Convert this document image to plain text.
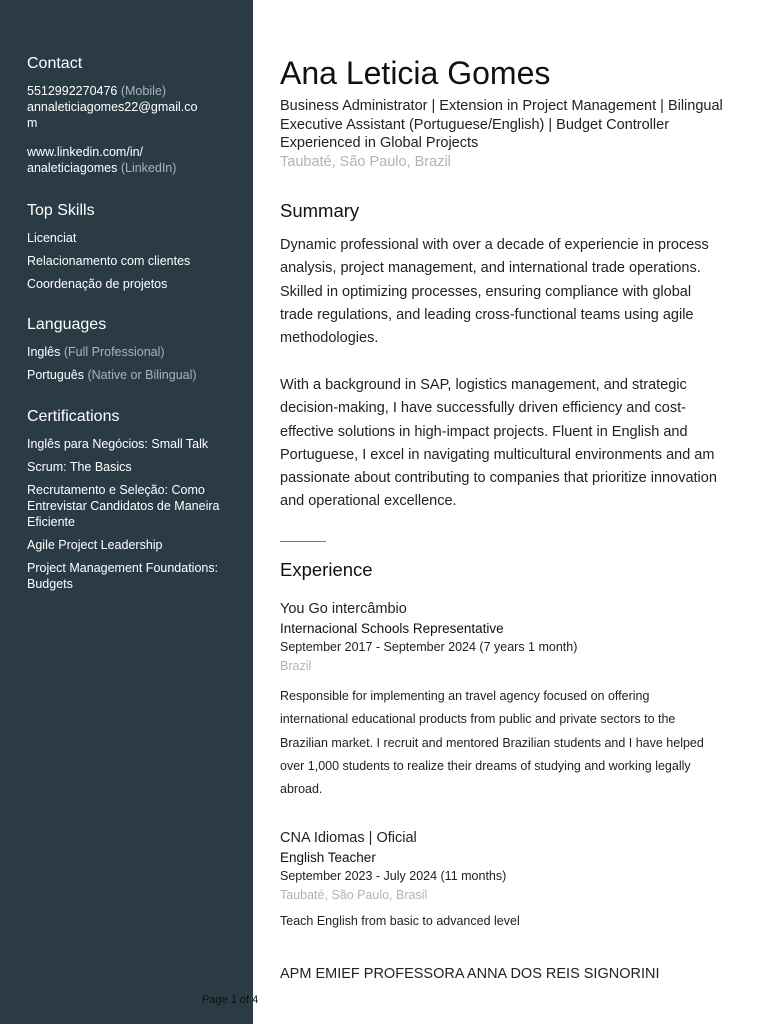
Contact
5512992270476 (Mobile)
annaleticiagomes22@gmail.co
m
www.linkedin.com/in/
analeticiagomes (LinkedIn)
Top Skills
Licenciat
Relacionamento com clientes
Coordenação de projetos
Languages
Inglês (Full Professional)
Português (Native or Bilingual)
Certifications
Inglês para Negócios: Small Talk
Scrum: The Basics
Recrutamento e Seleção: Como
Entrevistar Candidatos de Maneira
Eficiente
Agile Project Leadership
Project Management Foundations:
Budgets
Ana Leticia Gomes
Business Administrator | Extension in Project Management | Bilingual
Executive Assistant (Portuguese/English) | Budget Controller
Experienced in Global Projects
Taubaté, São Paulo, Brazil
Summary
Dynamic professional with over a decade of experiencie in process
analysis, project management, and international trade operations.
Skilled in optimizing processes, ensuring compliance with global
trade regulations, and leading cross-functional teams using agile
methodologies.
With a background in SAP, logistics management, and strategic
decision-making, I have successfully driven efficiency and cost-
effective solutions in high-impact projects. Fluent in English and
Portuguese, I excel in navigating multicultural environments and am
passionate about contributing to companies that prioritize innovation
and operational excellence.
Experience
You Go intercâmbio
Internacional Schools Representative
September 2017 - September 2024 (7 years 1 month)
Brazil
Responsible for implementing an travel agency focused on offering
international educational products from public and private sectors to the
Brazilian market. I recruit and mentored Brazilian students and I have helped
over 1,000 students to realize their dreams of studying and working legally
abroad.
CNA Idiomas | Oficial
English Teacher
September 2023 - July 2024 (11 months)
Taubaté, São Paulo, Brasil
Teach English from basic to advanced level
APM EMIEF PROFESSORA ANNA DOS REIS SIGNORINI
Page 1 of 4
